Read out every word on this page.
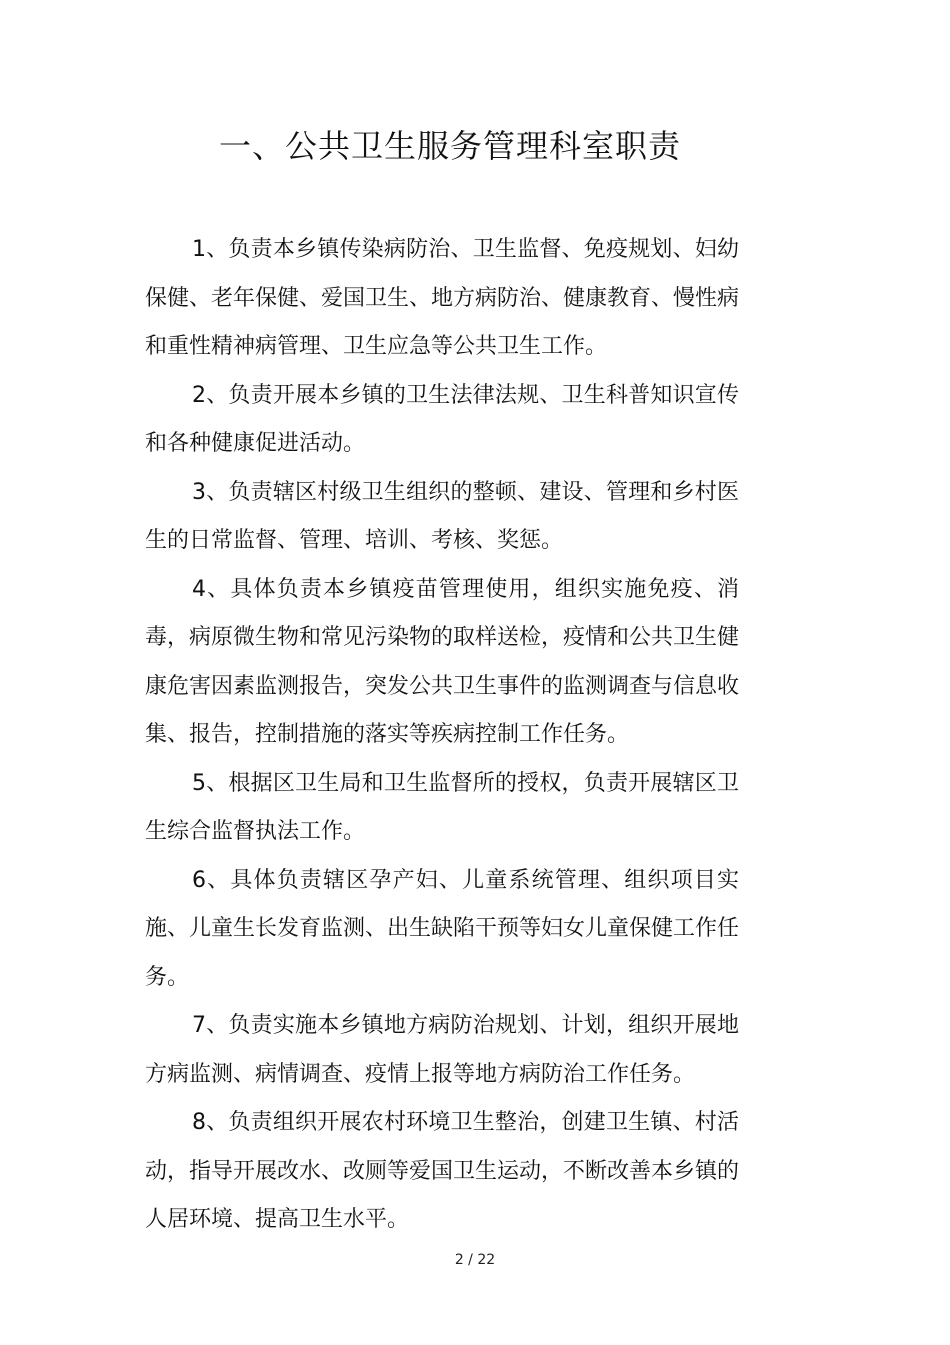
一、公共卫生服务管理科室职责

1、负责本乡镇传染病防治、卫生监督、免疫规划、妇幼保健、老年保健、爱国卫生、地方病防治、健康教育、慢性病和重性精神病管理、卫生应急等公共卫生工作。

2、负责开展本乡镇的卫生法律法规、卫生科普知识宣传和各种健康促进活动。

3、负责辖区村级卫生组织的整顿、建设、管理和乡村医生的日常监督、管理、培训、考核、奖惩。

4、具体负责本乡镇疫苗管理使用，组织实施免疫、消毒，病原微生物和常见污染物的取样送检，疫情和公共卫生健康危害因素监测报告，突发公共卫生事件的监测调查与信息收集、报告，控制措施的落实等疾病控制工作任务。

5、根据区卫生局和卫生监督所的授权，负责开展辖区卫生综合监督执法工作。

6、具体负责辖区孕产妇、儿童系统管理、组织项目实施、儿童生长发育监测、出生缺陷干预等妇女儿童保健工作任务。

7、负责实施本乡镇地方病防治规划、计划，组织开展地方病监测、病情调查、疫情上报等地方病防治工作任务。

8、负责组织开展农村环境卫生整治，创建卫生镇、村活动，指导开展改水、改厕等爱国卫生运动，不断改善本乡镇的人居环境、提高卫生水平。

2 / 22
